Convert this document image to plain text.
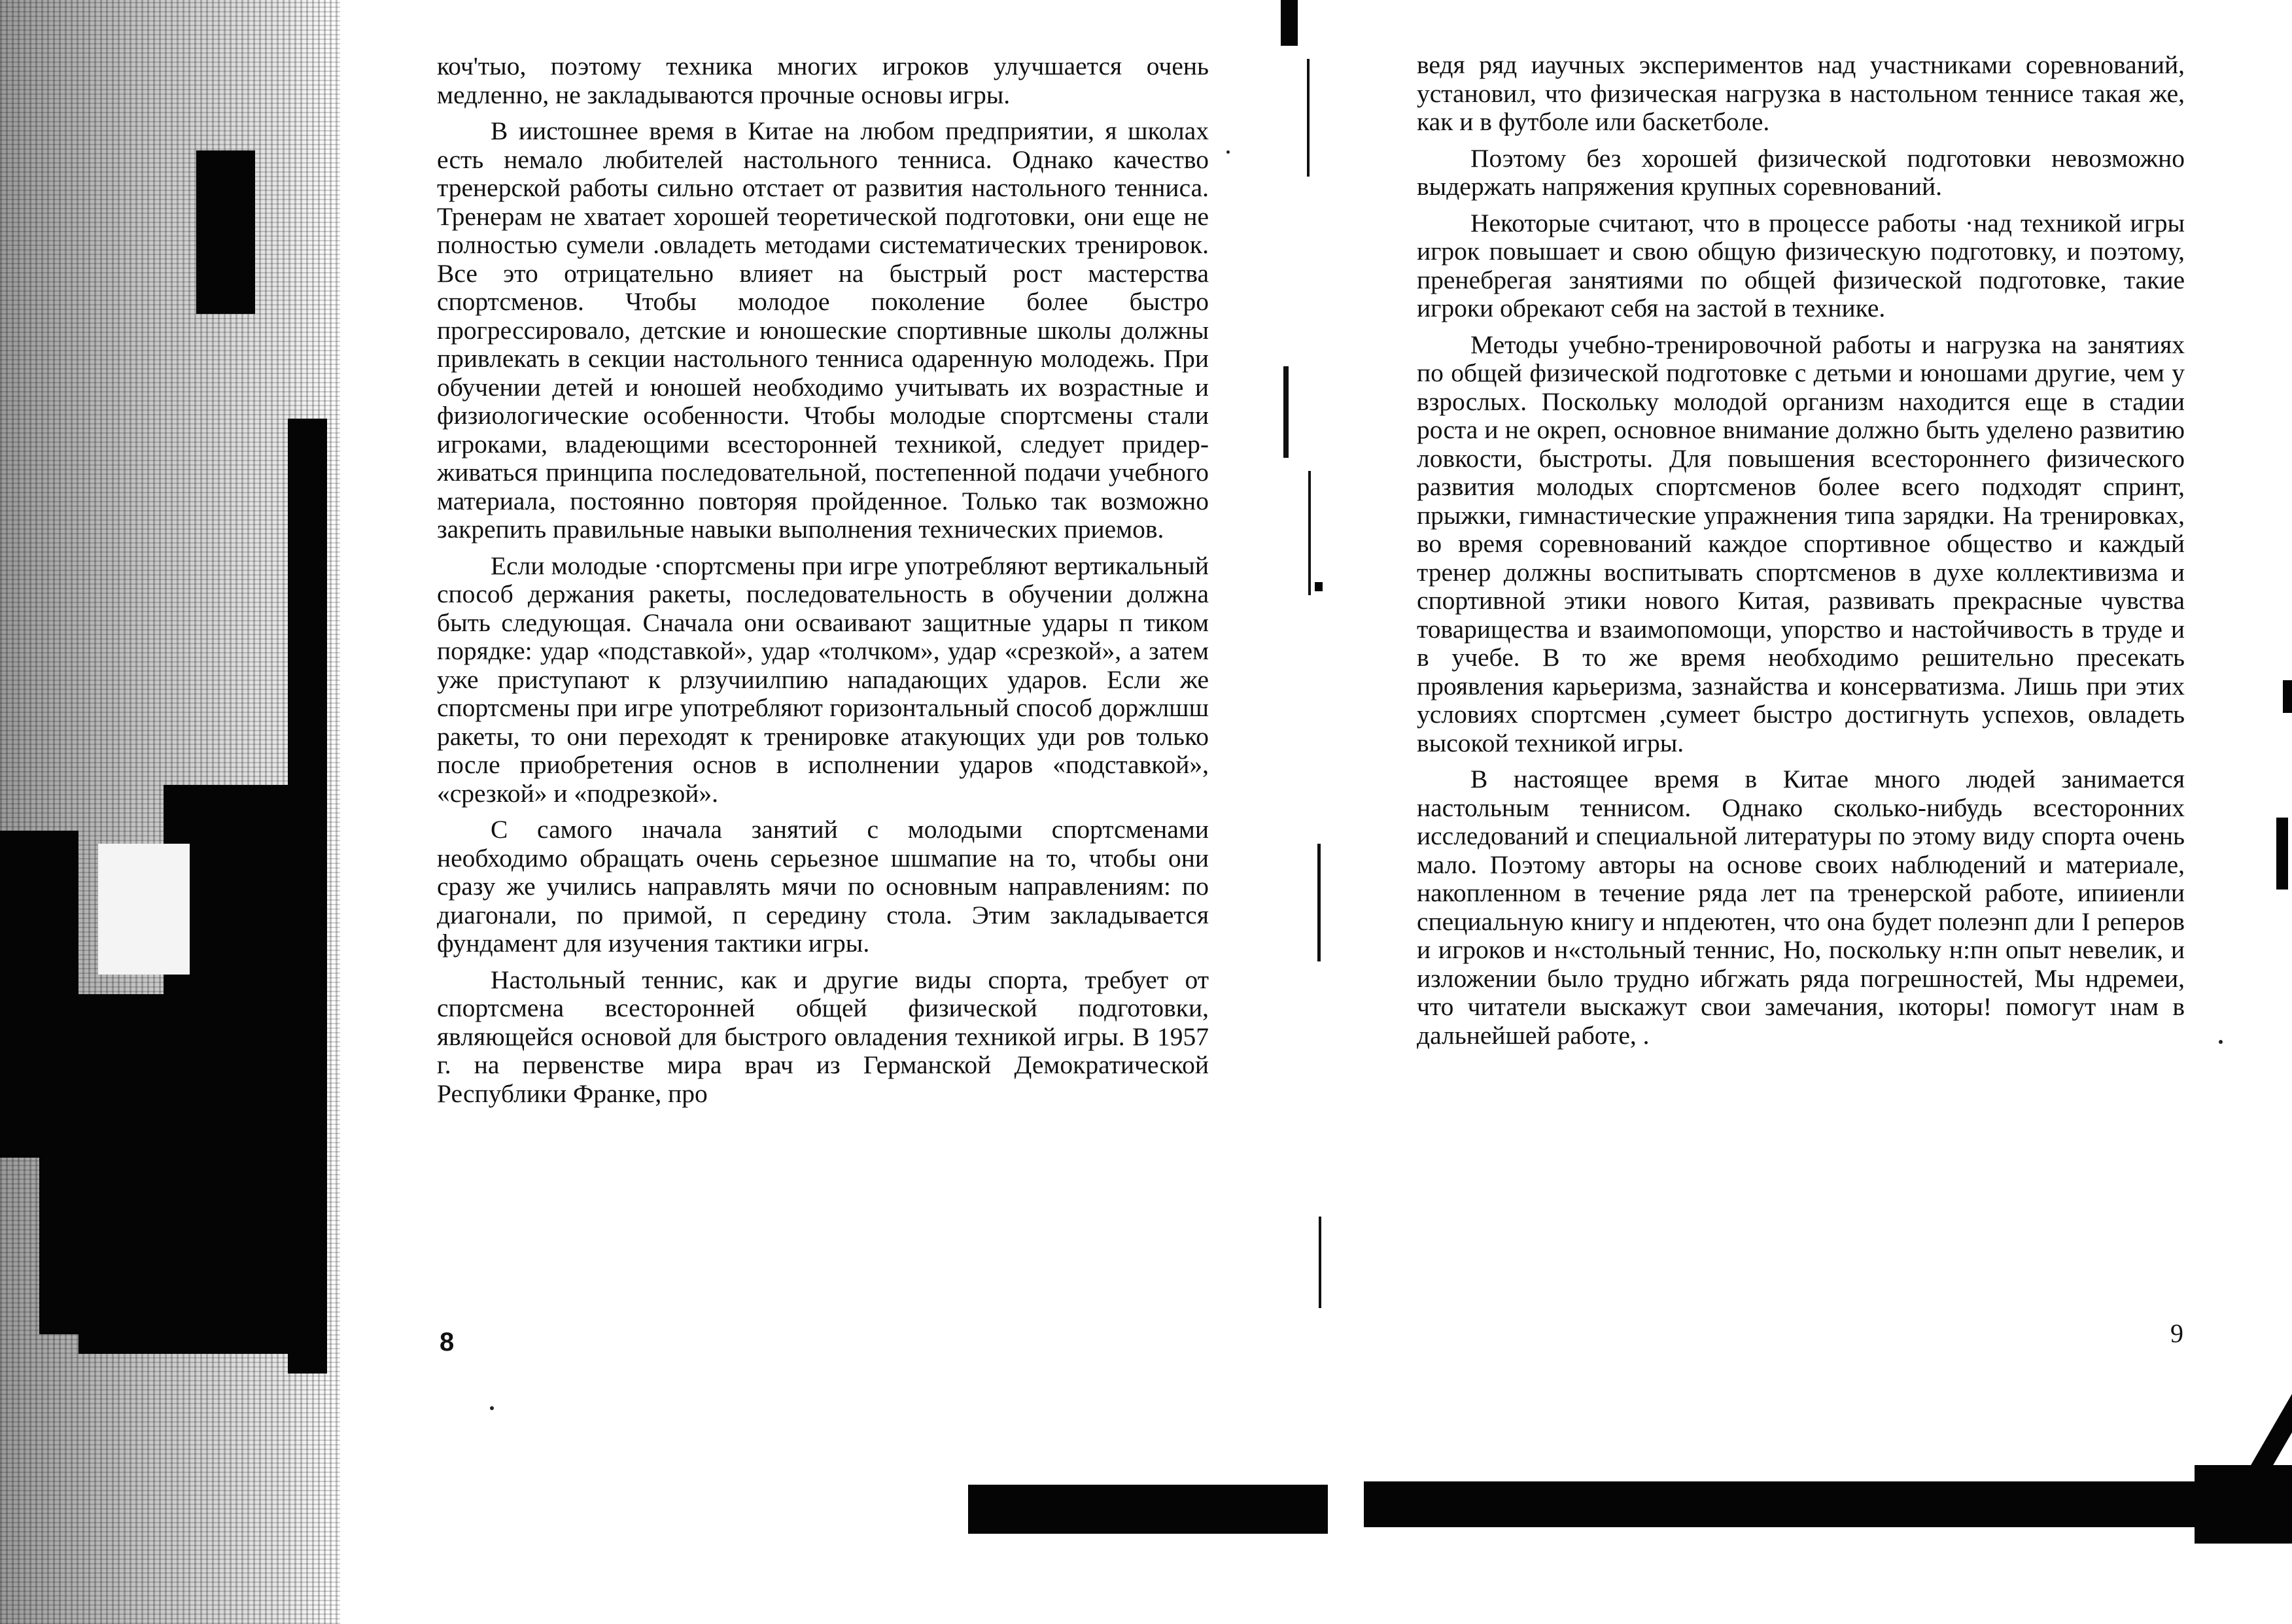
коч'тыо, поэтому техника многих игроков улучшается очень медленно, не закладываются прочные основы игры.

В иистошнее время в Китае на любом предприятии, я школах есть немало любителей настольного тенниса. Однако качество тренерской работы сильно отстает от развития настольного тенниса. Тренерам не хватает хорошей теоретической подготовки, они еще не полностью сумели .овладеть методами систематических тренировок. Все это отрицательно влияет на быстрый рост мастерства спортсменов. Чтобы молодое поколение более быстро прогрессировало, детские и юношеские спортивные школы должны привлекать в секции настольного тенниса одаренную молодежь. При обучении детей и юношей необходимо учитывать их возрастные и физиологические особенности. Чтобы молодые спортсмены стали игроками, владеющими всесторонней техникой, следует придерживаться принципа последовательной, постепенной подачи учебного материала, постоянно повторяя пройденное. Только так возможно закрепить правильные навыки выполнения технических приемов.

Если молодые ·спортсмены при игре употребляют вертикальный способ держания ракеты, последовательность в обучении должна быть следующая. Сначала они осваивают защитные удары п тиком порядке: удар «подставкой», удар «толчком», удар «срезкой», а затем уже приступают к рлзучиилпию нападающих ударов. Если же спортсмены при игре употребляют горизонтальный способ доржлшш ракеты, то они переходят к тренировке атакующих уди ров только после приобретения основ в исполнении ударов «подставкой», «срезкой» и «подрезкой».

С самого ıначала занятий с молодыми спортсменами необходимо обращать очень серьезное шшмапие на то, чтобы они сразу же учились направлять мячи по основным направлениям: по диагонали, по примой, п середину стола. Этим закладывается фундамент для изучения тактики игры.

Настольный теннис, как и другие виды спорта, требует от спортсмена всесторонней общей физической подготовки, являющейся основой для быстрого овладения техникой игры. В 1957 г. на первенстве мира врач из Германской Демократической Республики Франке, про

8

ведя ряд иаучных экспериментов над участниками соревнований, установил, что физическая нагрузка в настольном теннисе такая же, как и в футболе или баскетболе.

Поэтому без хорошей физической подготовки невозможно выдержать напряжения крупных соревнований.

Некоторые считают, что в процессе работы ·над техникой игры игрок повышает и свою общую физическую подготовку, и поэтому, пренебрегая занятиями по общей физической подготовке, такие игроки обрекают себя на застой в технике.

Методы учебно-тренировочной работы и нагрузка на занятиях по общей физической подготовке с детьми и юношами другие, чем у взрослых. Поскольку молодой организм находится еще в стадии роста и не окреп, основное внимание должно быть уделено развитию ловкости, быстроты. Для повышения всестороннего физического развития молодых спортсменов более всего подходят спринт, прыжки, гимнастические упражнения типа зарядки. На тренировках, во время соревнований каждое спортивное общество и каждый тренер должны воспитывать спортсменов в духе коллективизма и спортивной этики нового Китая, развивать прекрасные чувства товарищества и взаимопомощи, упорство и настойчивость в труде и в учебе. В то же время необходимо решительно пресекать проявления карьеризма, зазнайства и консерватизма. Лишь при этих условиях спортсмен ,сумеет быстро достигнуть успехов, овладеть высокой техникой игры.

В настоящее время в Китае много людей занимается настольным теннисом. Однако сколько-нибудь всесторонних исследований и специальной литературы по этому виду спорта очень мало. Поэтому авторы на основе своих наблюдений и материале, накопленном в течение ряда лет па тренерской работе, ипииенли специальную книгу и нпдеютен, что она будет полеэнп дли I реперов и игроков и н«стольный теннис, Но, поскольку н:пн опыт невелик, и изложении было трудно ибгжать ряда погрешностей, Мы ндремеи, что читатели выскажут свои замечания, ıкоторы! помогут ıнам в дальнейшей работе, .

9
